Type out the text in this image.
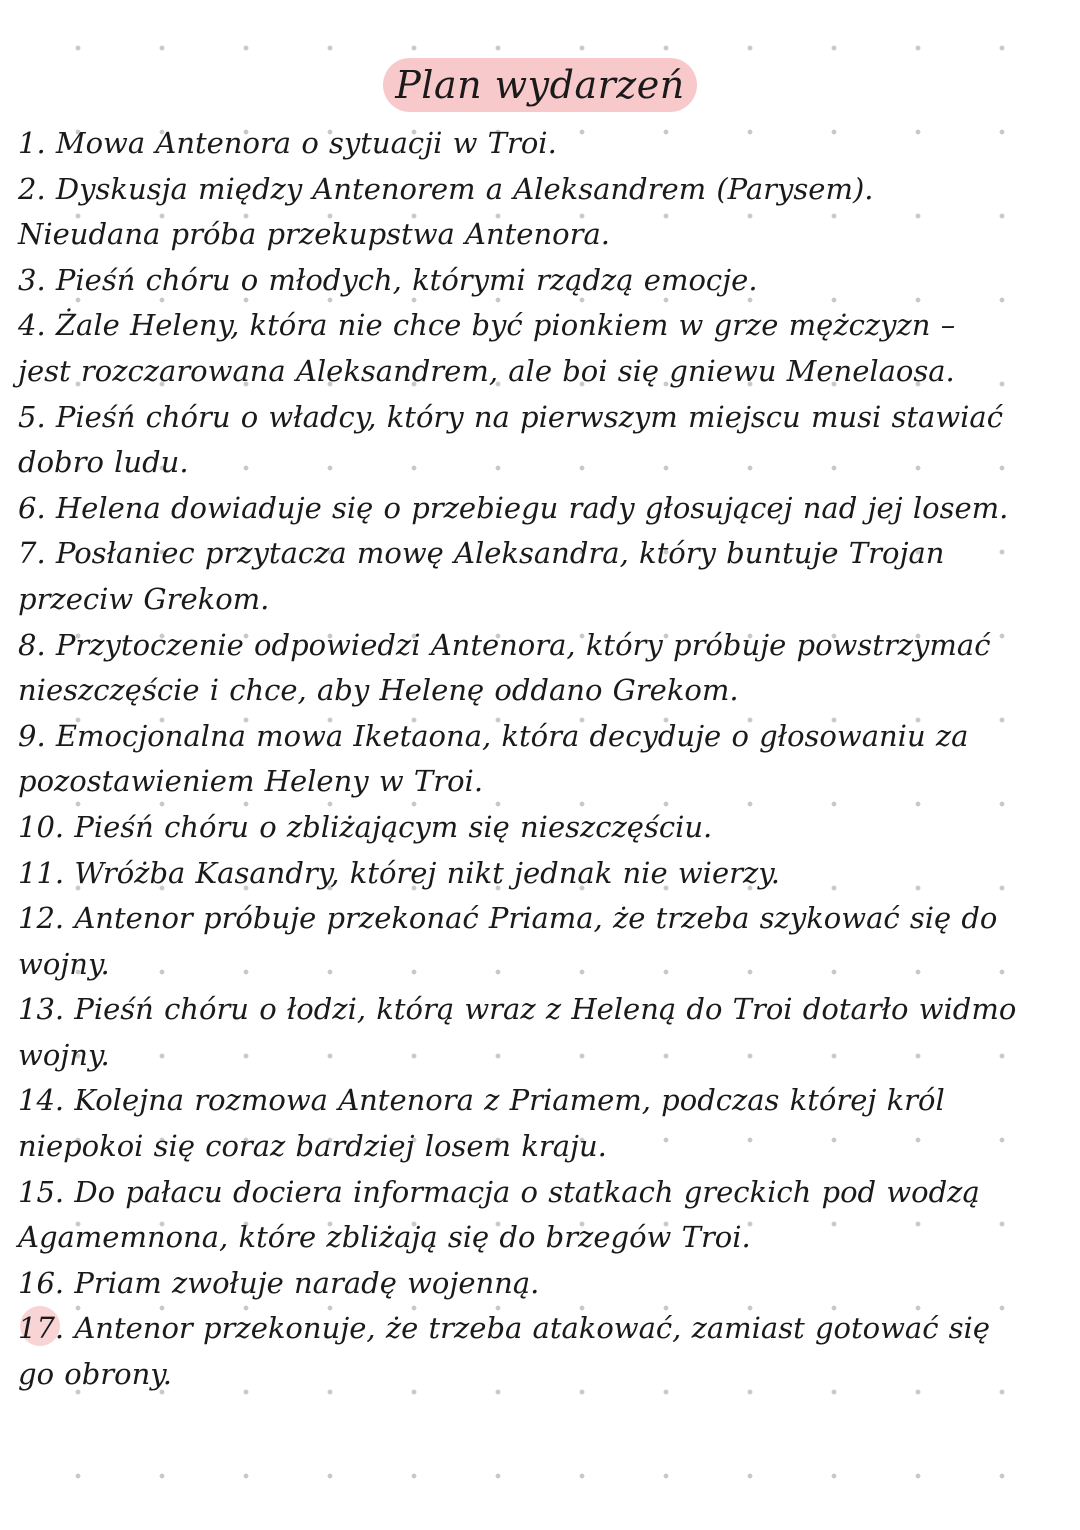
Plan wydarzeń
1. Mowa Antenora o sytuacji w Troi.
2. Dyskusja między Antenorem a Aleksandrem (Parysem). Nieudana próba przekupstwa Antenora.
3. Pieśń chóru o młodych, którymi rządzą emocje.
4. Żale Heleny, która nie chce być pionkiem w grze mężczyzn – jest rozczarowana Aleksandrem, ale boi się gniewu Menelaosa.
5. Pieśń chóru o władcy, który na pierwszym miejscu musi stawiać dobro ludu.
6. Helena dowiaduje się o przebiegu rady głosującej nad jej losem.
7. Posłaniec przytacza mowę Aleksandra, który buntuje Trojan przeciw Grekom.
8. Przytoczenie odpowiedzi Antenora, który próbuje powstrzymać nieszczęście i chce, aby Helenę oddano Grekom.
9. Emocjonalna mowa Iketaona, która decyduje o głosowaniu za pozostawieniem Heleny w Troi.
10. Pieśń chóru o zbliżającym się nieszczęściu.
11. Wróżba Kasandry, której nikt jednak nie wierzy.
12. Antenor próbuje przekonać Priama, że trzeba szykować się do wojny.
13. Pieśń chóru o łodzi, którą wraz z Heleną do Troi dotarło widmo wojny.
14. Kolejna rozmowa Antenora z Priamem, podczas której król niepokoi się coraz bardziej losem kraju.
15. Do pałacu dociera informacja o statkach greckich pod wodzą Agamemnona, które zbliżają się do brzegów Troi.
16. Priam zwołuje naradę wojenną.
17. Antenor przekonuje, że trzeba atakować, zamiast gotować się go obrony.
